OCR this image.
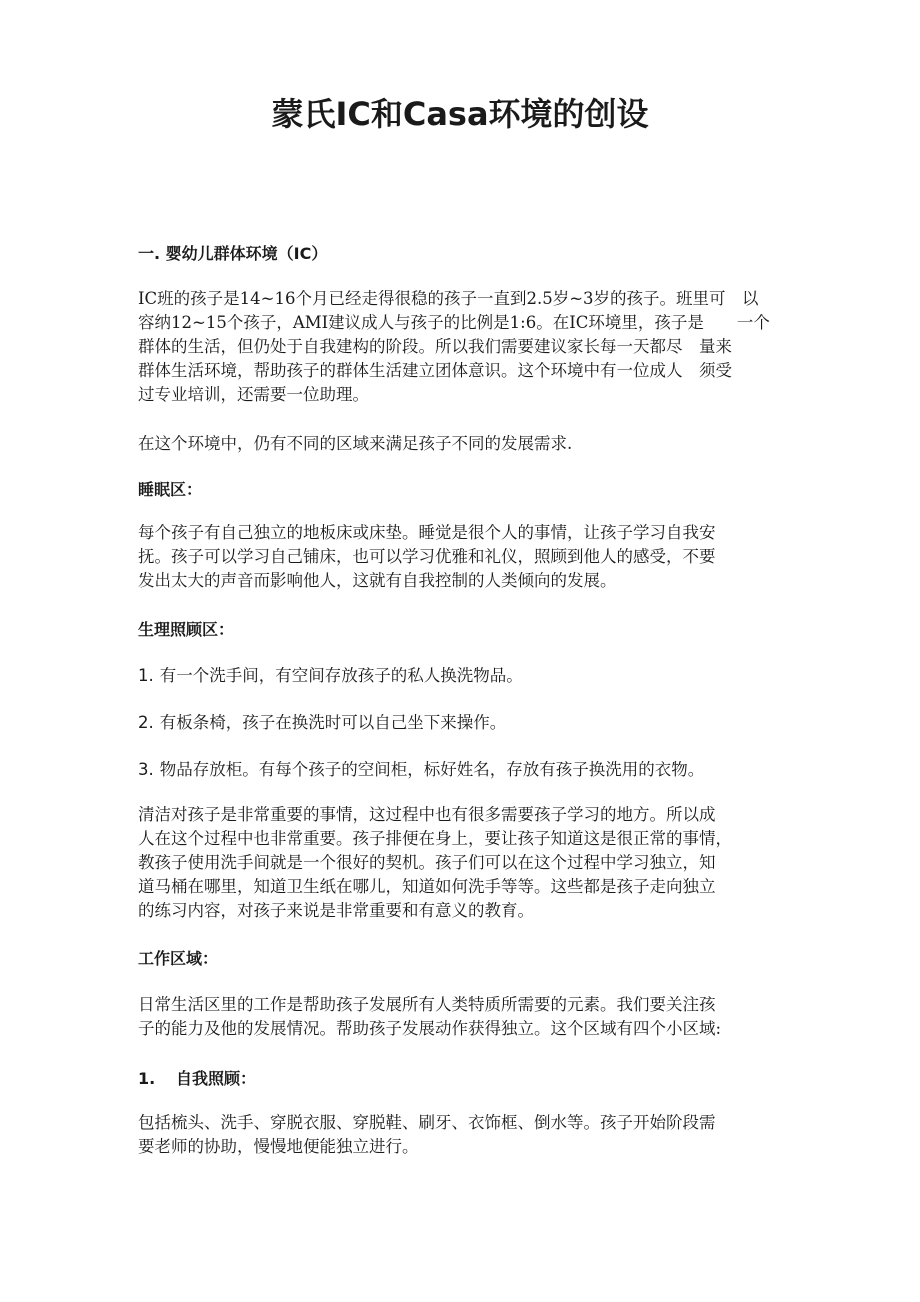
蒙氏IC和Casa环境的创设
一. 婴幼儿群体环境（IC）

IC班的孩子是14~16个月已经走得很稳的孩子一直到2.5岁~3岁的孩子。班里可　以
容纳12~15个孩子，AMI建议成人与孩子的比例是1:6。在IC环境里，孩子是　　一个
群体的生活，但仍处于自我建构的阶段。所以我们需要建议家长每一天都尽　量来
群体生活环境，帮助孩子的群体生活建立团体意识。这个环境中有一位成人　须受
过专业培训，还需要一位助理。

在这个环境中，仍有不同的区域来满足孩子不同的发展需求.

睡眠区：

每个孩子有自己独立的地板床或床垫。睡觉是很个人的事情，让孩子学习自我安
抚。孩子可以学习自己铺床，也可以学习优雅和礼仪，照顾到他人的感受，不要
发出太大的声音而影响他人，这就有自我控制的人类倾向的发展。

生理照顾区：

1. 有一个洗手间，有空间存放孩子的私人换洗物品。

2. 有板条椅，孩子在换洗时可以自己坐下来操作。

3. 物品存放柜。有每个孩子的空间柜，标好姓名，存放有孩子换洗用的衣物。

清洁对孩子是非常重要的事情，这过程中也有很多需要孩子学习的地方。所以成
人在这个过程中也非常重要。孩子排便在身上，要让孩子知道这是很正常的事情，
教孩子使用洗手间就是一个很好的契机。孩子们可以在这个过程中学习独立，知
道马桶在哪里，知道卫生纸在哪儿，知道如何洗手等等。这些都是孩子走向独立
的练习内容，对孩子来说是非常重要和有意义的教育。

工作区域：

日常生活区里的工作是帮助孩子发展所有人类特质所需要的元素。我们要关注孩
子的能力及他的发展情况。帮助孩子发展动作获得独立。这个区域有四个小区域:

1. 自我照顾：

包括梳头、洗手、穿脱衣服、穿脱鞋、刷牙、衣饰框、倒水等。孩子开始阶段需
要老师的协助，慢慢地便能独立进行。
